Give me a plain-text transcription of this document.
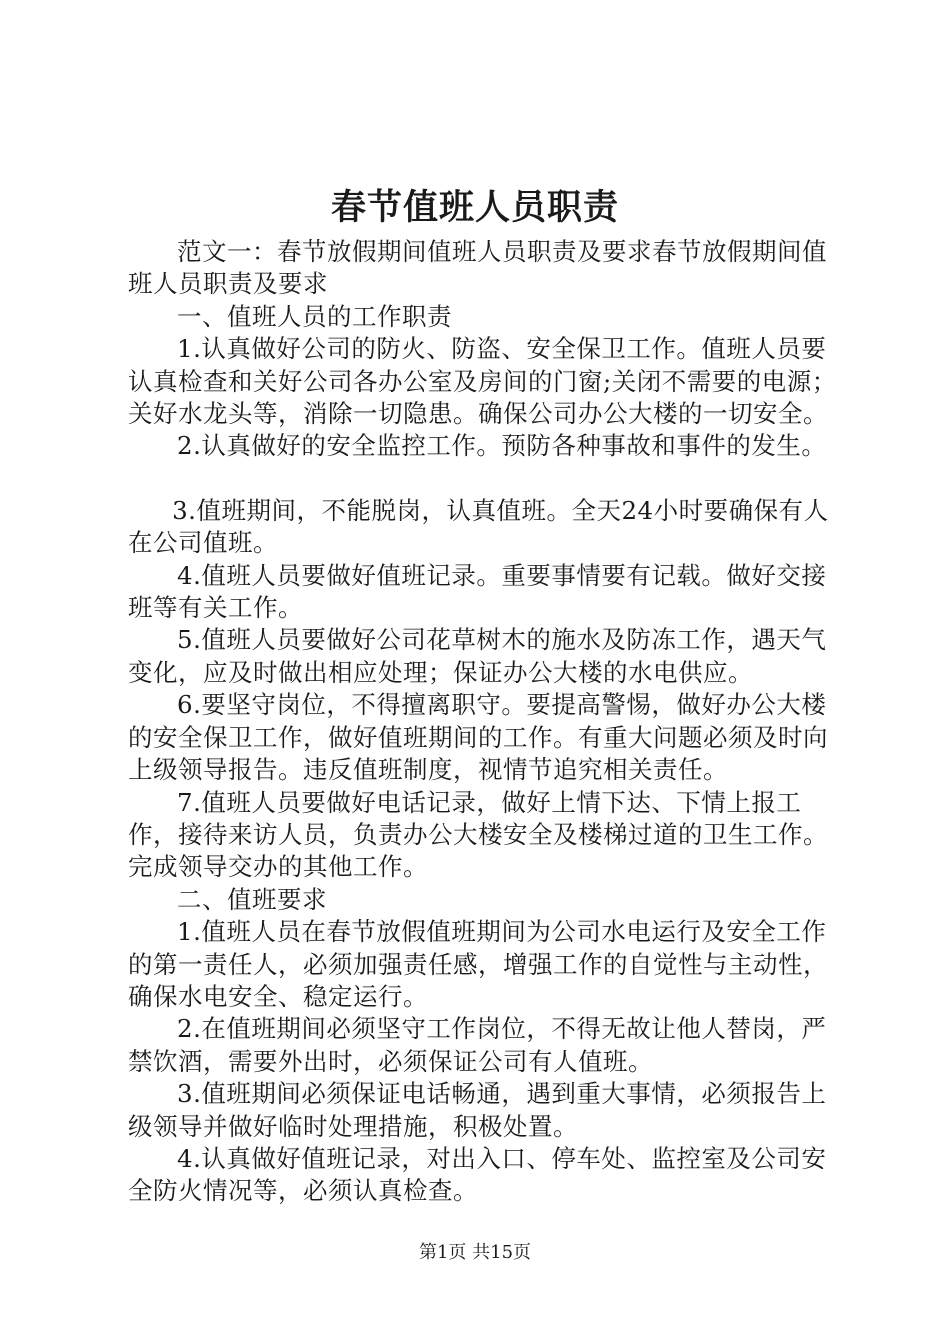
春节值班人员职责

范文一：春节放假期间值班人员职责及要求春节放假期间值班人员职责及要求

一、值班人员的工作职责

1.认真做好公司的防火、防盗、安全保卫工作。值班人员要认真检查和关好公司各办公室及房间的门窗;关闭不需要的电源；关好水龙头等，消除一切隐患。确保公司办公大楼的一切安全。

2.认真做好的安全监控工作。预防各种事故和事件的发生。

3.值班期间，不能脱岗，认真值班。全天24小时要确保有人在公司值班。

4.值班人员要做好值班记录。重要事情要有记载。做好交接班等有关工作。

5.值班人员要做好公司花草树木的施水及防冻工作，遇天气变化，应及时做出相应处理；保证办公大楼的水电供应。

6.要坚守岗位，不得擅离职守。要提高警惕，做好办公大楼的安全保卫工作，做好值班期间的工作。有重大问题必须及时向上级领导报告。违反值班制度，视情节追究相关责任。

7.值班人员要做好电话记录，做好上情下达、下情上报工作，接待来访人员，负责办公大楼安全及楼梯过道的卫生工作。完成领导交办的其他工作。

二、值班要求

1.值班人员在春节放假值班期间为公司水电运行及安全工作的第一责任人，必须加强责任感，增强工作的自觉性与主动性，确保水电安全、稳定运行。

2.在值班期间必须坚守工作岗位，不得无故让他人替岗，严禁饮酒，需要外出时，必须保证公司有人值班。

3.值班期间必须保证电话畅通，遇到重大事情，必须报告上级领导并做好临时处理措施，积极处置。

4.认真做好值班记录，对出入口、停车处、监控室及公司安全防火情况等，必须认真检查。

第1页 共15页
